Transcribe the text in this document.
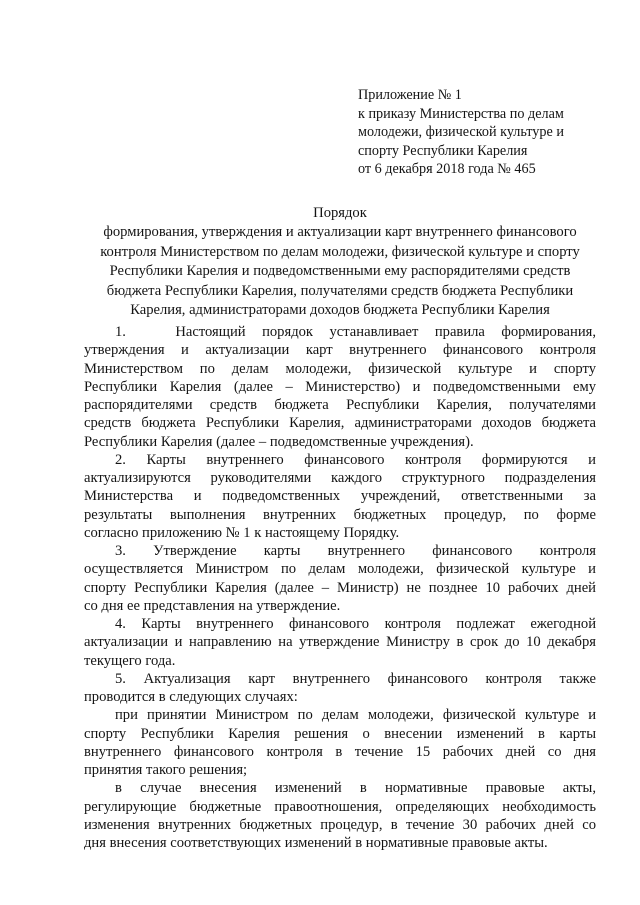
Приложение № 1
к приказу Министерства по делам
молодежи, физической культуре и
спорту Республики Карелия
от 6 декабря 2018 года № 465
Порядок
формирования, утверждения и актуализации карт внутреннего финансового
контроля Министерством по делам молодежи, физической культуре и спорту
Республики Карелия и подведомственными ему распорядителями средств
бюджета Республики Карелия, получателями средств бюджета Республики
Карелия, администраторами доходов бюджета Республики Карелия
1.   Настоящий порядок устанавливает правила формирования,
утверждения и актуализации карт внутреннего финансового контроля
Министерством по делам молодежи, физической культуре и спорту
Республики Карелия (далее – Министерство) и подведомственными ему
распорядителями средств бюджета Республики Карелия, получателями
средств бюджета Республики Карелия, администраторами доходов бюджета
Республики Карелия (далее – подведомственные учреждения).
2. Карты внутреннего финансового контроля формируются и
актуализируются руководителями каждого структурного подразделения
Министерства и подведомственных учреждений, ответственными за
результаты выполнения внутренних бюджетных процедур, по форме
согласно приложению № 1 к настоящему Порядку.
3. Утверждение карты внутреннего финансового контроля
осуществляется Министром по делам молодежи, физической культуре и
спорту Республики Карелия (далее – Министр) не позднее 10 рабочих дней
со дня ее представления на утверждение.
4. Карты внутреннего финансового контроля подлежат ежегодной
актуализации и направлению на утверждение Министру в срок до 10 декабря
текущего года.
5. Актуализация карт внутреннего финансового контроля также
проводится в следующих случаях:
при принятии Министром по делам молодежи, физической культуре и
спорту Республики Карелия решения о внесении изменений в карты
внутреннего финансового контроля в течение 15 рабочих дней со дня
принятия такого решения;
в случае внесения изменений в нормативные правовые акты,
регулирующие бюджетные правоотношения, определяющих необходимость
изменения внутренних бюджетных процедур, в течение 30 рабочих дней со
дня внесения соответствующих изменений в нормативные правовые акты.
